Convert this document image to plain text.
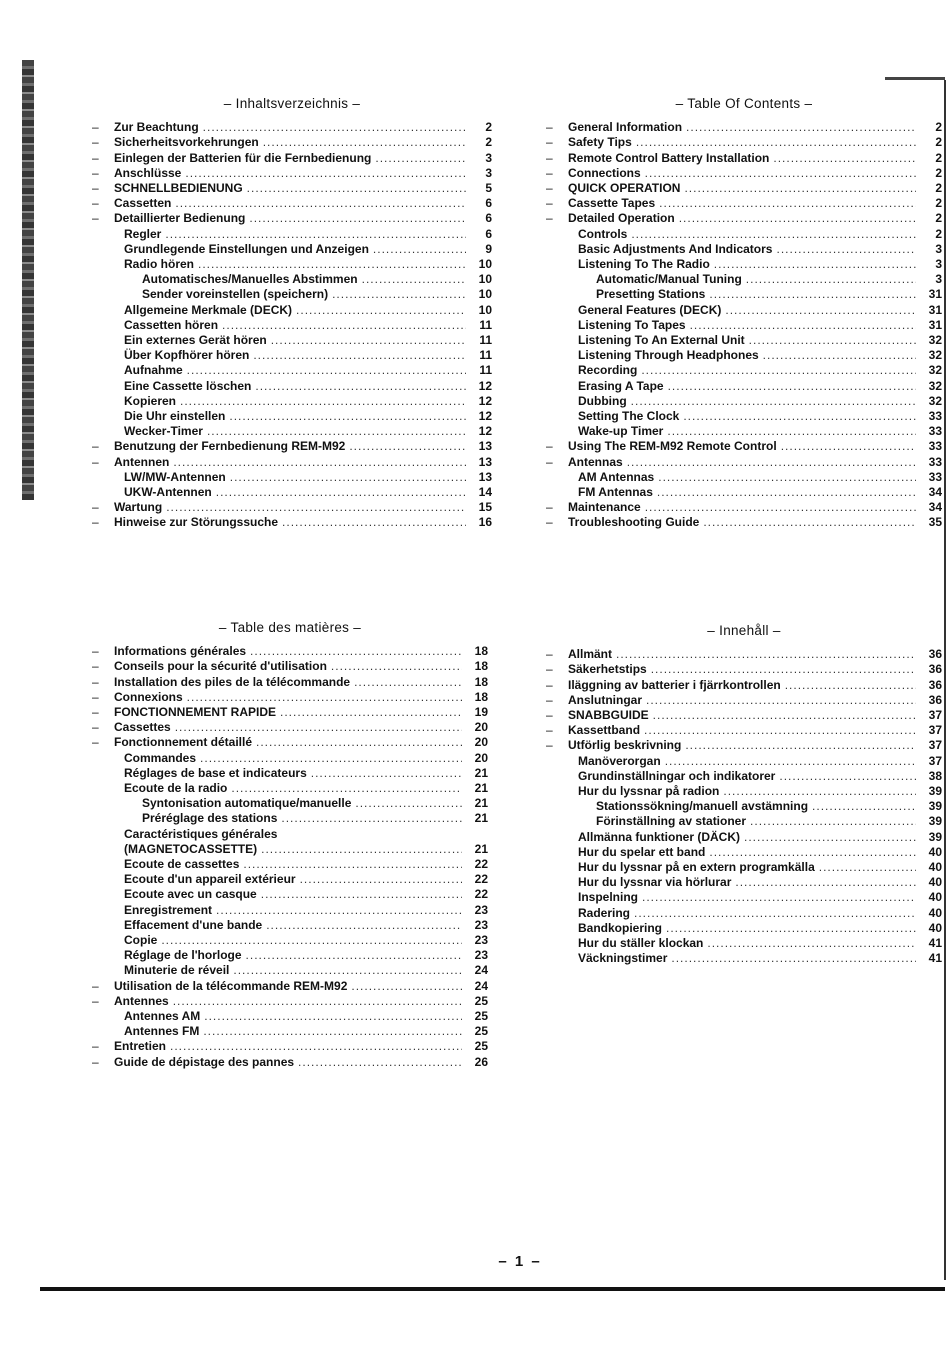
– Inhaltsverzeichnis –
–	Zur Beachtung .....	2
–	Sicherheitsvorkehrungen .....	2
–	Einlegen der Batterien für die Fernbedienung .....	3
–	Anschlüsse .....	3
–	SCHNELLBEDIENUNG .....	5
–	Cassetten .....	6
–	Detaillierter Bedienung .....	6
Regler .....	6
Grundlegende Einstellungen und Anzeigen .....	9
Radio hören .....	10
Automatisches/Manuelles Abstimmen .....	10
Sender voreinstellen (speichern) .....	10
Allgemeine Merkmale (DECK) .....	10
Cassetten hören .....	11
Ein externes Gerät hören .....	11
Über Kopfhörer hören .....	11
Aufnahme .....	11
Eine Cassette löschen .....	12
Kopieren .....	12
Die Uhr einstellen .....	12
Wecker-Timer .....	12
–	Benutzung der Fernbedienung REM-M92 .....	13
–	Antennen .....	13
LW/MW-Antennen .....	13
UKW-Antennen .....	14
–	Wartung .....	15
–	Hinweise zur Störungssuche .....	16
– Table Of Contents –
–	General Information .....	2
–	Safety Tips .....	2
–	Remote Control Battery Installation .....	2
–	Connections .....	2
–	QUICK OPERATION .....	2
–	Cassette Tapes .....	2
–	Detailed Operation .....	2
Controls .....	2
Basic Adjustments And Indicators .....	3
Listening To The Radio .....	3
Automatic/Manual Tuning .....	3
Presetting Stations .....	31
General Features (DECK) .....	31
Listening To Tapes .....	31
Listening To An External Unit .....	32
Listening Through Headphones .....	32
Recording .....	32
Erasing A Tape .....	32
Dubbing .....	32
Setting The Clock .....	33
Wake-up Timer .....	33
–	Using The REM-M92 Remote Control .....	33
–	Antennas .....	33
AM Antennas .....	33
FM Antennas .....	34
–	Maintenance .....	34
–	Troubleshooting Guide .....	35
– Table des matières –
–	Informations générales .....	18
–	Conseils pour la sécurité d'utilisation .....	18
–	Installation des piles de la télécommande .....	18
–	Connexions .....	18
–	FONCTIONNEMENT RAPIDE .....	19
–	Cassettes .....	20
–	Fonctionnement détaillé .....	20
Commandes .....	20
Réglages de base et indicateurs .....	21
Ecoute de la radio .....	21
Syntonisation automatique/manuelle .....	21
Préréglage des stations .....	21
Caractéristiques générales
(MAGNETOCASSETTE) .....	21
Ecoute de cassettes .....	22
Ecoute d'un appareil extérieur .....	22
Ecoute avec un casque .....	22
Enregistrement .....	23
Effacement d'une bande .....	23
Copie .....	23
Réglage de l'horloge .....	23
Minuterie de réveil .....	24
–	Utilisation de la télécommande REM-M92 .....	24
–	Antennes .....	25
Antennes AM .....	25
Antennes FM .....	25
–	Entretien .....	25
–	Guide de dépistage des pannes .....	26
– Innehåll –
–	Allmänt .....	36
–	Säkerhetstips .....	36
–	Iläggning av batterier i fjärrkontrollen .....	36
–	Anslutningar .....	36
–	SNABBGUIDE .....	37
–	Kassettband .....	37
–	Utförlig beskrivning .....	37
Manöverorgan .....	37
Grundinställningar och indikatorer .....	38
Hur du lyssnar på radion .....	39
Stationssökning/manuell avstämning .....	39
Förinställning av stationer .....	39
Allmänna funktioner (DÄCK) .....	39
Hur du spelar ett band .....	40
Hur du lyssnar på en extern programkälla .....	40
Hur du lyssnar via hörlurar .....	40
Inspelning .....	40
Radering .....	40
Bandkopiering .....	40
Hur du ställer klockan .....	41
Väckningstimer .....	41
– 1 –
